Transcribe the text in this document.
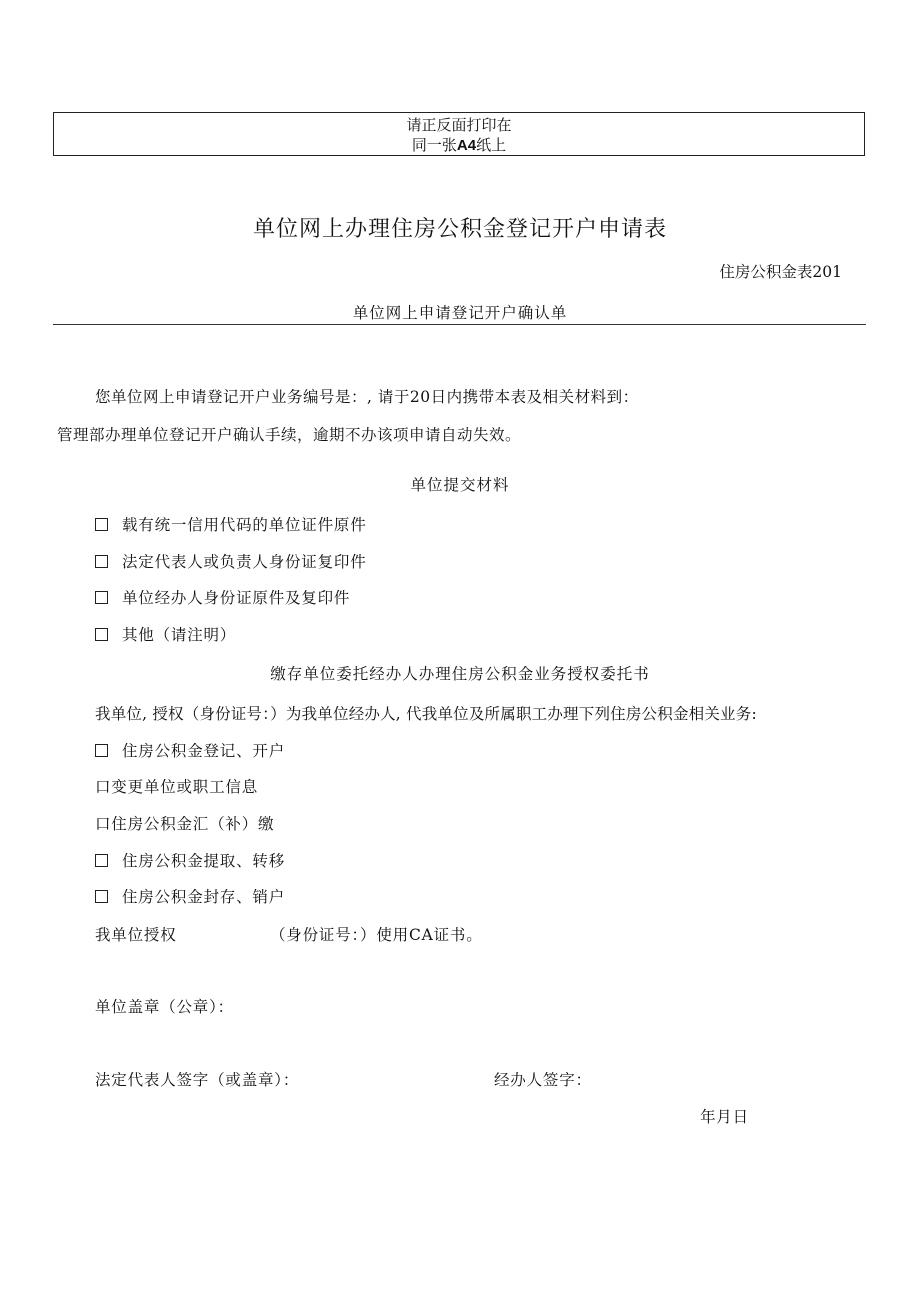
请正反面打印在
同一张A4纸上
单位网上办理住房公积金登记开户申请表
住房公积金表201
单位网上申请登记开户确认单
您单位网上申请登记开户业务编号是：, 请于20日内携带本表及相关材料到：
管理部办理单位登记开户确认手续，逾期不办该项申请自动失效。
单位提交材料
载有统一信用代码的单位证件原件
法定代表人或负责人身份证复印件
单位经办人身份证原件及复印件
其他（请注明）
缴存单位委托经办人办理住房公积金业务授权委托书
我单位, 授权（身份证号：）为我单位经办人, 代我单位及所属职工办理下列住房公积金相关业务:
住房公积金登记、开户
口变更单位或职工信息
口住房公积金汇（补）缴
住房公积金提取、转移
住房公积金封存、销户
我单位授权	（身份证号：）使用CA证书。
单位盖章（公章）：
法定代表人签字（或盖章）：	经办人签字：
年月日
